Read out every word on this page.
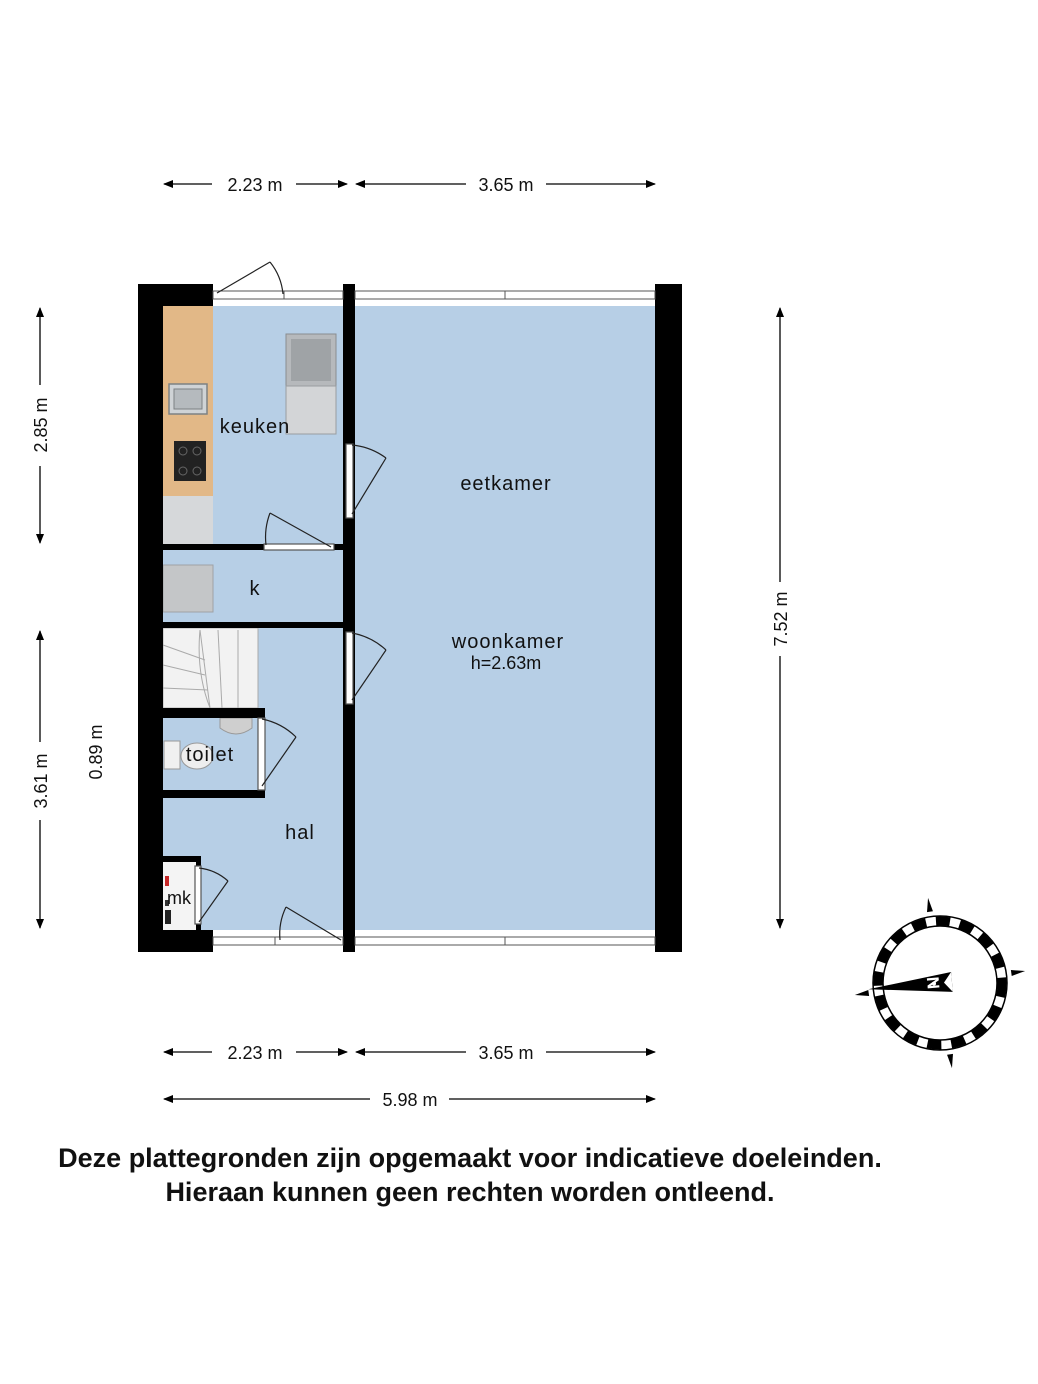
keuken
eetkamer
k
woonkamer
h=2.63m
toilet
hal
mk
2.23 m	3.65 m
2.23 m	3.65 m
5.98 m
2.85 m
3.61 m
0.89 m
7.52 m
N
Deze plattegronden zijn opgemaakt voor indicatieve doeleinden.
Hieraan kunnen geen rechten worden ontleend.
